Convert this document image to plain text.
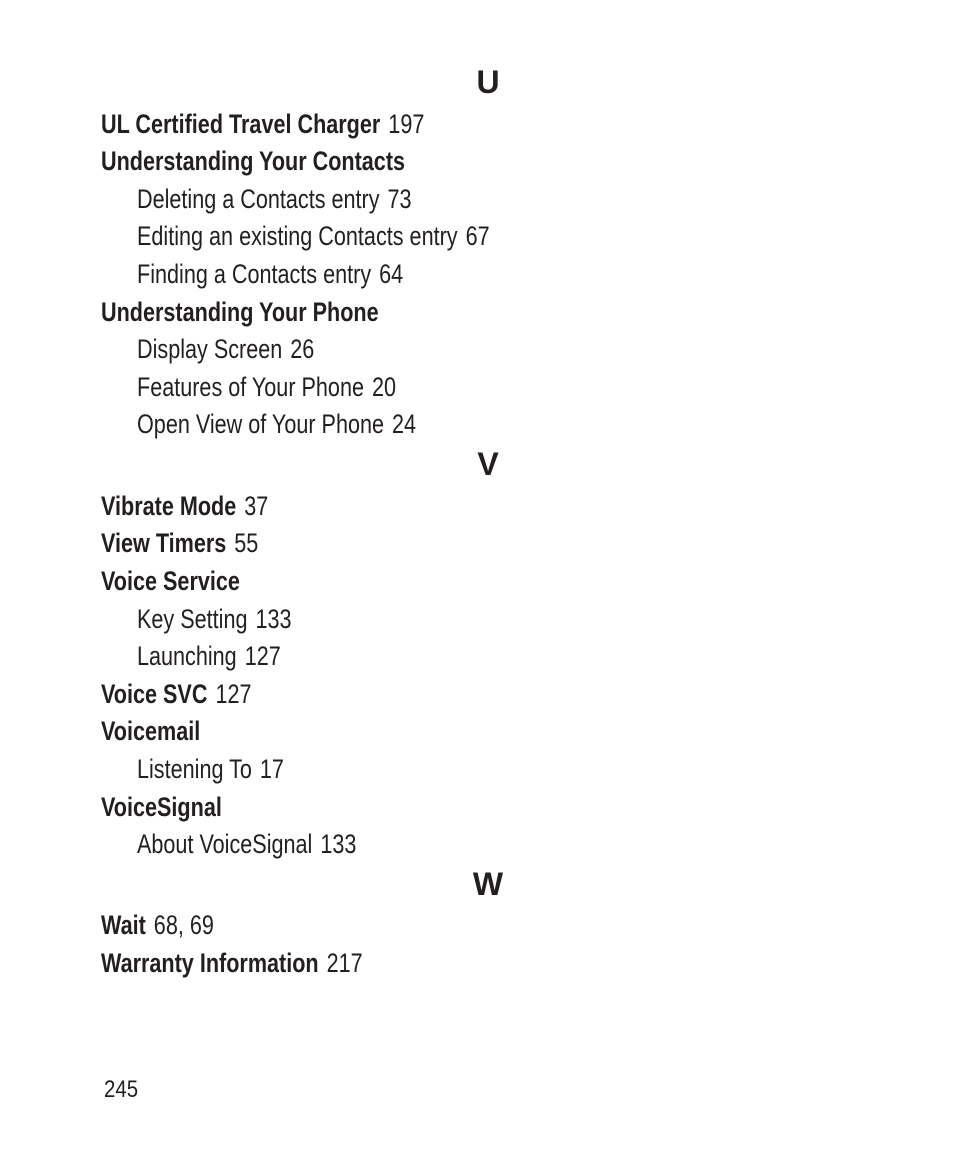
U
UL Certified Travel Charger 197
Understanding Your Contacts
Deleting a Contacts entry 73
Editing an existing Contacts entry 67
Finding a Contacts entry 64
Understanding Your Phone
Display Screen 26
Features of Your Phone 20
Open View of Your Phone 24
V
Vibrate Mode 37
View Timers 55
Voice Service
Key Setting 133
Launching 127
Voice SVC 127
Voicemail
Listening To 17
VoiceSignal
About VoiceSignal 133
W
Wait 68, 69
Warranty Information 217
245
